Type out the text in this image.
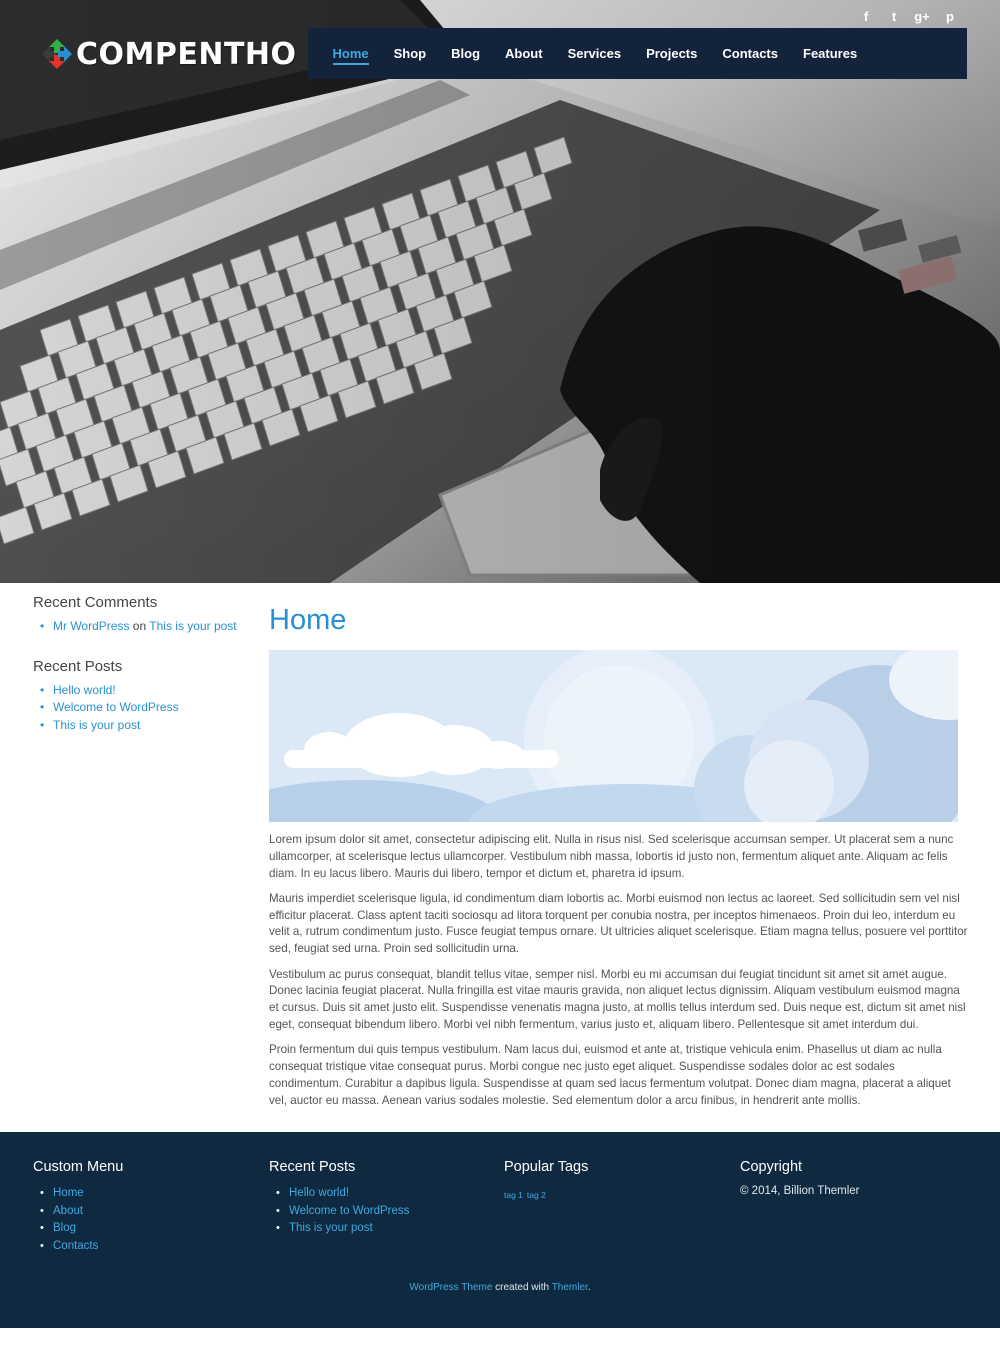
COMPENTHO
f	t	g+	p
Home	Shop	Blog	About	Services	Projects	Contacts	Features
Recent Comments
• Mr WordPress on This is your post
Recent Posts
• Hello world!
• Welcome to WordPress
• This is your post
Home

Lorem ipsum dolor sit amet, consectetur adipiscing elit. Nulla in risus nisl. Sed scelerisque accumsan semper. Ut placerat sem a nunc ullamcorper, at scelerisque lectus ullamcorper. Vestibulum nibh massa, lobortis id justo non, fermentum aliquet ante. Aliquam ac felis diam. In eu lacus libero. Mauris dui libero, tempor et dictum et, pharetra id ipsum.

Mauris imperdiet scelerisque ligula, id condimentum diam lobortis ac. Morbi euismod non lectus ac laoreet. Sed sollicitudin sem vel nisl efficitur placerat. Class aptent taciti sociosqu ad litora torquent per conubia nostra, per inceptos himenaeos. Proin dui leo, interdum eu velit a, rutrum condimentum justo. Fusce feugiat tempus ornare. Ut ultricies aliquet scelerisque. Etiam magna tellus, posuere vel porttitor sed, feugiat sed urna. Proin sed sollicitudin urna.

Vestibulum ac purus consequat, blandit tellus vitae, semper nisl. Morbi eu mi accumsan dui feugiat tincidunt sit amet sit amet augue. Donec lacinia feugiat placerat. Nulla fringilla est vitae mauris gravida, non aliquet lectus dignissim. Aliquam vestibulum euismod magna et cursus. Duis sit amet justo elit. Suspendisse venenatis magna justo, at mollis tellus interdum sed. Duis neque est, dictum sit amet nisl eget, consequat bibendum libero. Morbi vel nibh fermentum, varius justo et, aliquam libero. Pellentesque sit amet interdum dui.

Proin fermentum dui quis tempus vestibulum. Nam lacus dui, euismod et ante at, tristique vehicula enim. Phasellus ut diam ac nulla consequat tristique vitae consequat purus. Morbi congue nec justo eget aliquet. Suspendisse sodales dolor ac est sodales condimentum. Curabitur a dapibus ligula. Suspendisse at quam sed lacus fermentum volutpat. Donec diam magna, placerat a aliquet vel, auctor eu massa. Aenean varius sodales molestie. Sed elementum dolor a arcu finibus, in hendrerit ante mollis.

Custom Menu
• Home
• About
• Blog
• Contacts
Recent Posts
• Hello world!
• Welcome to WordPress
• This is your post
Popular Tags
tag 1 tag 2
Copyright
© 2014, Billion Themler
WordPress Theme created with Themler.
